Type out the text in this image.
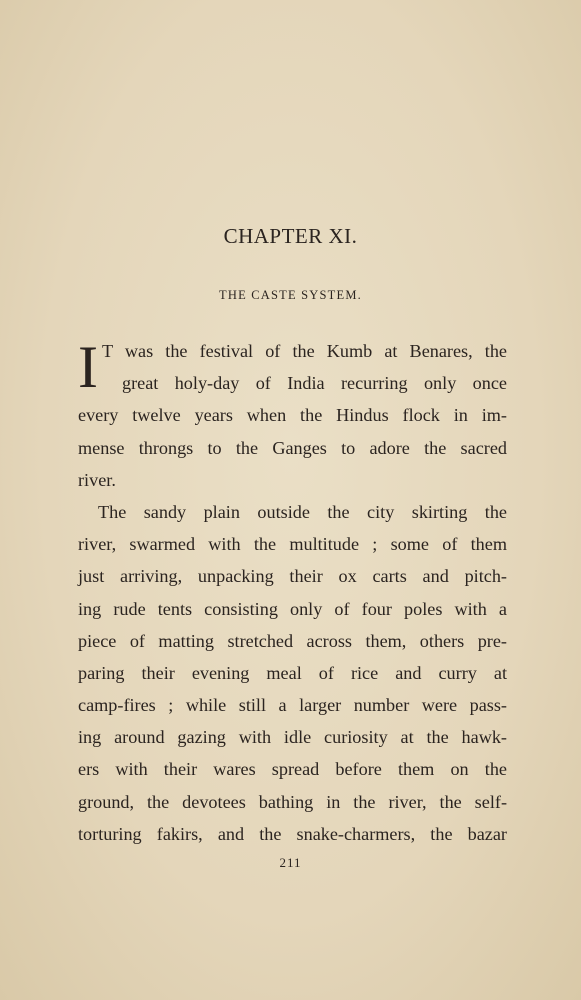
CHAPTER XI.
THE CASTE SYSTEM.
I T was the festival of the Kumb at Benares, the
great holy-day of India recurring only once
every twelve years when the Hindus flock in im-
mense throngs to the Ganges to adore the sacred
river.
The sandy plain outside the city skirting the
river, swarmed with the multitude ; some of them
just arriving, unpacking their ox carts and pitch-
ing rude tents consisting only of four poles with a
piece of matting stretched across them, others pre-
paring their evening meal of rice and curry at
camp-fires ; while still a larger number were pass-
ing around gazing with idle curiosity at the hawk-
ers with their wares spread before them on the
ground, the devotees bathing in the river, the self-
torturing fakirs, and the snake-charmers, the bazar
211
